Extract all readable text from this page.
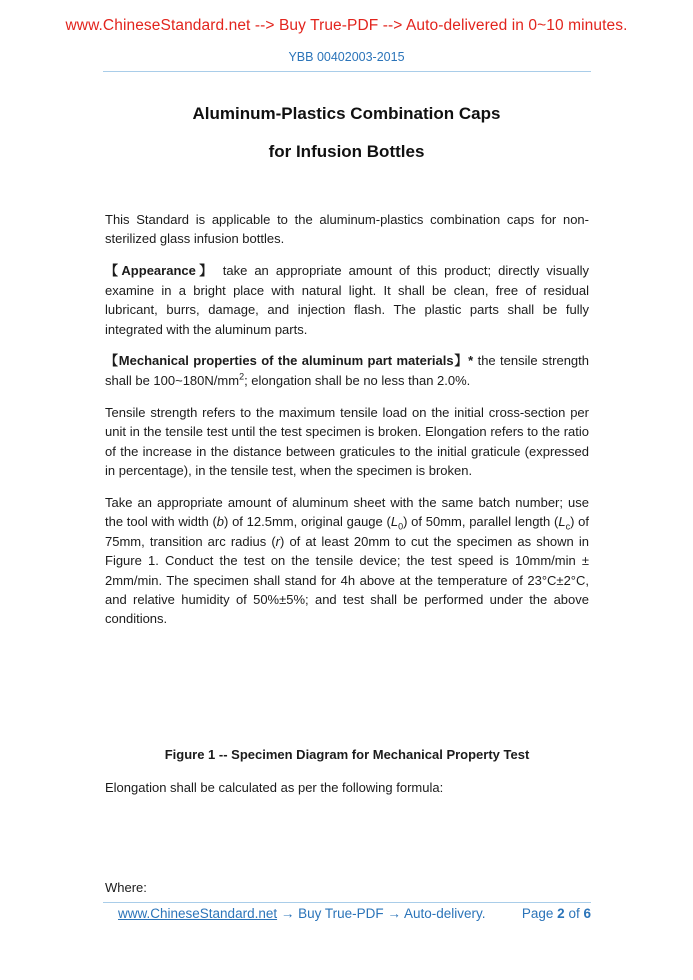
www.ChineseStandard.net --> Buy True-PDF --> Auto-delivered in 0~10 minutes.
YBB 00402003-2015
Aluminum-Plastics Combination Caps
for Infusion Bottles

This Standard is applicable to the aluminum-plastics combination caps for non-sterilized glass infusion bottles.

【Appearance】 take an appropriate amount of this product; directly visually examine in a bright place with natural light. It shall be clean, free of residual lubricant, burrs, damage, and injection flash. The plastic parts shall be fully integrated with the aluminum parts.

【Mechanical properties of the aluminum part materials】* the tensile strength shall be $100\sim 180N/mm^2$; elongation shall be no less than 2.0%.

Tensile strength refers to the maximum tensile load on the initial cross-section per unit in the tensile test until the test specimen is broken. Elongation refers to the ratio of the increase in the distance between graticules to the initial graticule (expressed in percentage), in the tensile test, when the specimen is broken.

Take an appropriate amount of aluminum sheet with the same batch number; use the tool with width (b) of 12.5mm, original gauge $(L_0)$ of 50mm, parallel length $(L_c)$ of 75mm, transition arc radius (r) of at least 20mm to cut the specimen as shown in Figure 1. Conduct the test on the tensile device; the test speed is 10mm/min ± 2mm/min. The specimen shall stand for 4h above at the temperature of 23°C±2°C, and relative humidity of 50%±5%; and test shall be performed under the above conditions.

Figure 1 -- Specimen Diagram for Mechanical Property Test
Elongation shall be calculated as per the following formula:
Where:
www.ChineseStandard.net → Buy True-PDF → Auto-delivery.	Page 2 of 6
